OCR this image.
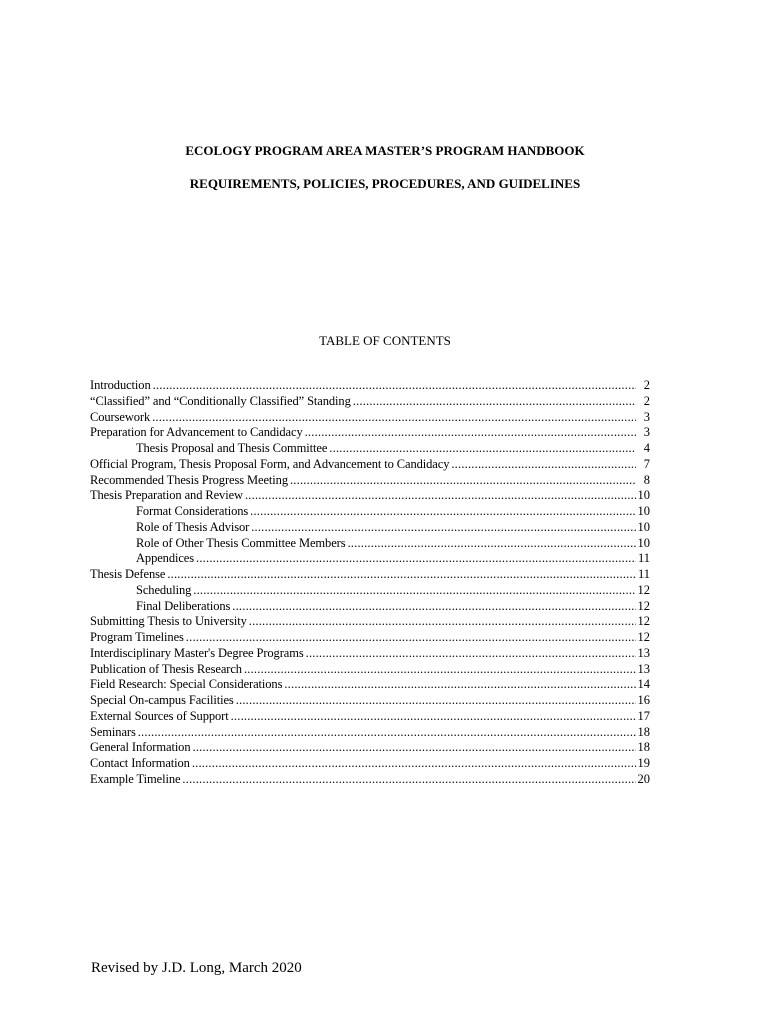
ECOLOGY PROGRAM AREA MASTER’S PROGRAM HANDBOOK
REQUIREMENTS, POLICIES, PROCEDURES, AND GUIDELINES
TABLE OF CONTENTS
Introduction .....	2
“Classified” and “Conditionally Classified” Standing .....	2
Coursework .....	3
Preparation for Advancement to Candidacy .....	3
Thesis Proposal and Thesis Committee .....	4
Official Program, Thesis Proposal Form, and Advancement to Candidacy .....	7
Recommended Thesis Progress Meeting .....	8
Thesis Preparation and Review .....	10
Format Considerations .....	10
Role of Thesis Advisor .....	10
Role of Other Thesis Committee Members .....	10
Appendices .....	11
Thesis Defense .....	11
Scheduling .....	12
Final Deliberations .....	12
Submitting Thesis to University .....	12
Program Timelines .....	12
Interdisciplinary Master's Degree Programs .....	13
Publication of Thesis Research .....	13
Field Research: Special Considerations .....	14
Special On-campus Facilities .....	16
External Sources of Support .....	17
Seminars .....	18
General Information .....	18
Contact Information .....	19
Example Timeline .....	20
Revised by J.D. Long, March 2020
